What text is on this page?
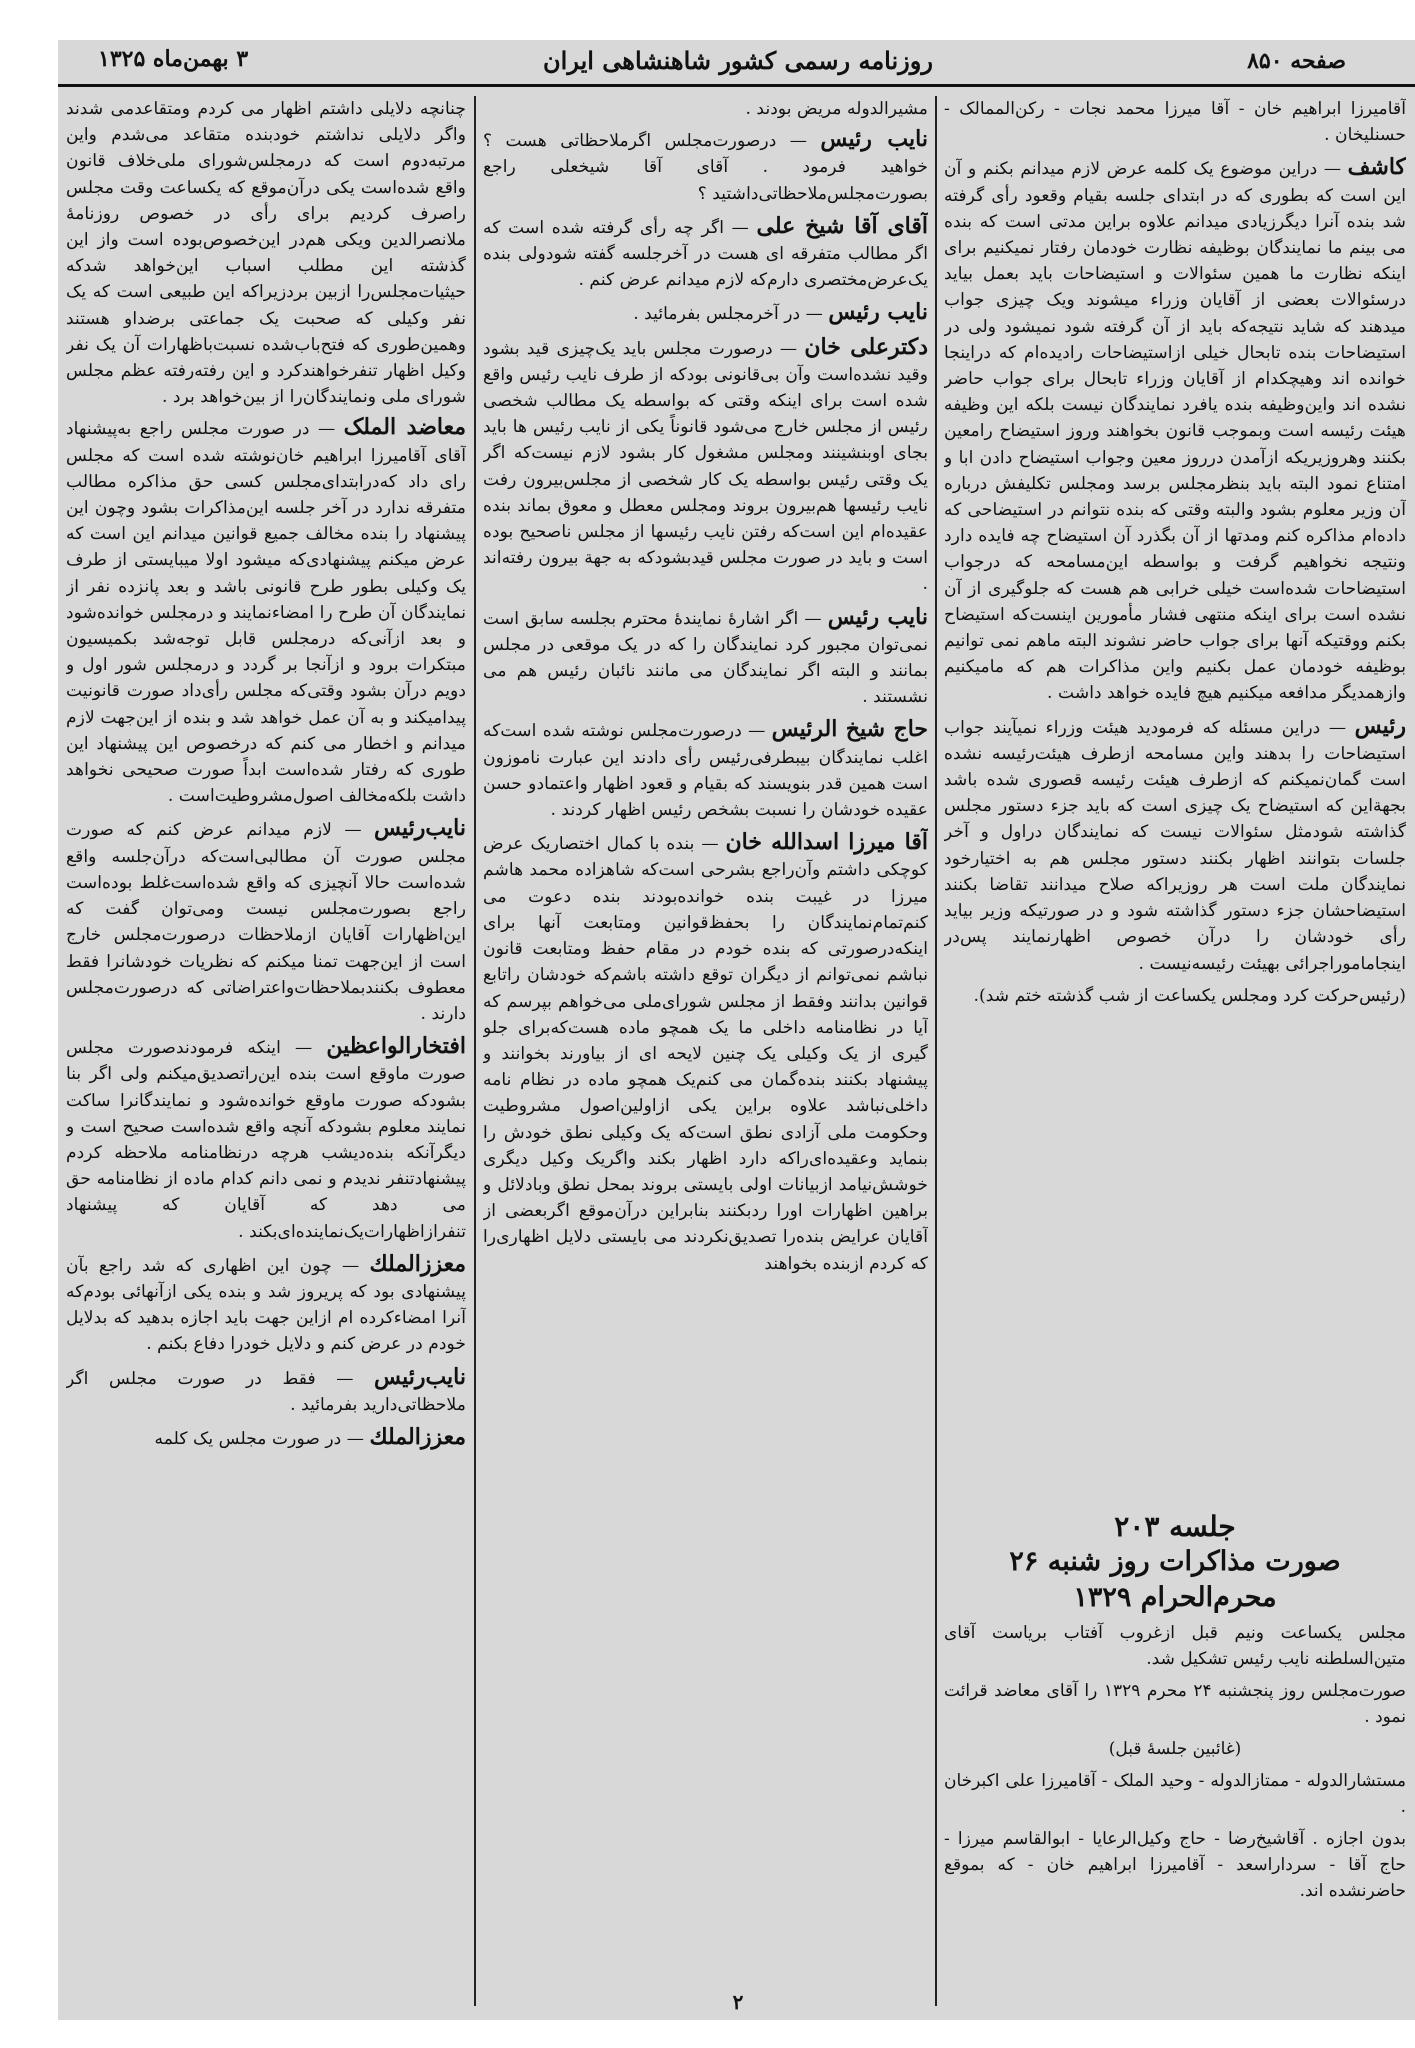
صفحه ۸۵۰
روزنامه رسمی کشور شاهنشاهی ایران
۳ بهمن‌ماه ۱۳۲۵

آقامیرزا ابراهیم خان - آقا میرزا محمد نجات - رکن‌الممالک - حسنلیخان .

کاشف — دراین موضوع یک کلمه عرض لازم میدانم بکنم و آن این است که بطوری که در ابتدای جلسه بقیام وقعود رأی گرفته شد بنده آنرا دیگرزیادی میدانم علاوه براین مدتی است که بنده می بینم ما نمایندگان بوظیفه نظارت خودمان رفتار نمیکنیم برای اینکه نظارت ما همین سئوالات و استیضاحات باید بعمل بیاید درسئوالات بعضی از آقایان وزراء میشوند ویک چیزی جواب میدهند که شاید نتیجه‌که باید از آن گرفته شود نمیشود ولی در استیضاحات بنده تابحال خیلی ازاستیضاحات رادیده‌ام که دراینجا خوانده اند وهیچکدام از آقایان وزراء تابحال برای جواب حاضر نشده اند واین‌وظیفه بنده یافرد نمایندگان نیست بلکه این وظیفه هیئت رئیسه است وبموجب قانون بخواهند وروز استیضاح رامعین بکنند وهروزیریکه ازآمدن درروز معین وجواب استیضاح دادن ابا و امتناع نمود البته باید بنظرمجلس برسد ومجلس تکلیفش درباره آن وزیر معلوم بشود والبته وقتی که بنده نتوانم در استیضاحی که داده‌ام مذاکره کنم ومدتها از آن بگذرد آن استیضاح چه فایده دارد ونتیجه نخواهیم گرفت و بواسطه این‌مسامحه که درجواب استیضاحات شده‌است خیلی خرابی هم هست که جلوگیری از آن نشده است برای اینکه منتهی فشار مأمورین اینست‌که استیضاح بکنم ووقتیکه آنها برای جواب حاضر نشوند البته ماهم نمی توانیم بوظیفه خودمان عمل بکنیم واین مذاکرات هم که مامیکنیم وازهمدیگر مدافعه میکنیم هیچ فایده خواهد داشت .

رئیس — دراین مسئله که فرمودید هیئت وزراء نمیآیند جواب استیضاحات را بدهند واین مسامحه ازطرف هیئت‌رئیسه نشده است گمان‌نمیکنم که ازطرف هیئت رئیسه قصوری شده باشد بجهةاین که استیضاح یک چیزی است که باید جزء دستور مجلس گذاشته شود‌مثل سئوالات نیست که نمایندگان دراول و آخر جلسات بتوانند اظهار بکنند دستور مجلس هم به اختیارخود نمایندگان ملت است هر روزیراکه صلاح میدانند تقاضا بکنند استیضاحشان جزء دستور گذاشته شود و در صورتیکه وزیر بیاید رأی خودشان را درآن خصوص اظهارنمایند پس‌در اینجاماموراجرائی بهیئت رئیسه‌نیست .

(رئیس‌حرکت کرد ومجلس یکساعت از شب گذشته ختم شد).

جلسه ۲۰۳
صورت مذاکرات روز شنبه ۲۶ محرم‌الحرام ۱۳۲۹

مجلس یکساعت ونیم قبل ازغروب آفتاب بریاست آقای متین‌السلطنه نایب رئیس تشکیل شد.

صورت‌مجلس روز پنجشنبه ۲۴ محرم ۱۳۲۹ را آقای معاضد قرائت نمود .

(غائبین جلسهٔ قبل)

مستشارالدوله - ممتازالدوله - وحید الملک - آقامیرزا علی اکبرخان .

بدون اجازه . آقاشیخ‌رضا - حاج وکیل‌الرعایا - ابوالقاسم میرزا - حاج آقا - سرداراسعد - آقامیرزا ابراهیم خان - که بموقع حاضرنشده اند.

مشیرالدوله مریض بودند .

نایب رئیس — درصورت‌مجلس اگرملاحظاتی هست ؟ خواهید فرمود . آقای آقا شیخعلی راجع بصورت‌مجلس‌ملاحظاتی‌داشتید ؟

آقای آقا شیخ علی — اگر چه رأی گرفته شده است که اگر مطالب متفرقه ای هست در آخرجلسه گفته شودولی بنده یک‌عرض‌مختصری دارم‌که لازم میدانم عرض کنم .

نایب رئیس — در آخرمجلس بفرمائید .

دکترعلی خان — درصورت مجلس باید یک‌چیزی قید بشود وقید نشده‌است وآن بی‌قانونی بودکه از طرف نایب رئیس واقع شده است برای اینکه وقتی که بواسطه یک مطالب شخصی رئیس از مجلس خارج می‌شود قانوناً یکی از نایب رئیس ها باید بجای اوبنشینند ومجلس مشغول کار بشود لازم نیست‌که اگر یک وقتی رئیس بواسطه یک کار شخصی از مجلس‌بیرون رفت نایب رئیسها هم‌بیرون بروند ومجلس معطل و معوق بماند بنده عقیده‌ام این است‌که رفتن نایب رئیسها از مجلس ناصحیح بوده است و باید در صورت مجلس قیدبشودکه به جهة بیرون رفته‌اند .

نایب رئیس — اگر اشارهٔ نمایندهٔ محترم بجلسه سابق است نمی‌توان مجبور کرد نمایندگان را که در یک موقعی در مجلس بمانند و البته اگر نمایندگان می مانند نائبان رئیس هم می نشستند .

حاج شیخ الرئیس — درصورت‌مجلس نوشته شده است‌که اغلب نمایندگان بیبطرفی‌رئیس رأی دادند این عبارت ناموزون است همین قدر بنویسند که بقیام و قعود اظهار واعتمادو حسن عقیده خودشان را نسبت بشخص رئیس اظهار کردند .

آقا میرزا اسدالله خان — بنده با کمال اختصاریک عرض کوچکی داشتم وآن‌راجع بشرحی است‌که شاهزاده محمد هاشم میرزا در غیبت بنده خوانده‌بودند بنده دعوت می کنم‌تمام‌نمایندگان را بحفظ‌قوانین ومتابعت آنها برای اینکه‌درصورتی که بنده خودم در مقام حفظ ومتابعت قانون نباشم نمی‌توانم از دیگران توقع داشته باشم‌که خودشان راتابع قوانین بدانند وفقط از مجلس شورای‌ملی می‌خواهم بپرسم که آیا در نظامنامه داخلی ما یک همچو ماده هست‌که‌برای جلو گیری از یک وکیلی یک چنین لایحه ای از بیاورند بخوانند و پیشنهاد بکنند بنده‌گمان می کنم‌یک همچو ماده در نظام نامه داخلی‌نباشد علاوه براین یکی ازاولین‌اصول مشروطیت وحکومت ملی آزادی نطق است‌که یک وکیلی نطق خودش را بنماید وعقیده‌ای‌راکه دارد اظهار بکند واگریک وکیل دیگری خوشش‌نیامد ازبیانات اولی بایستی بروند بمحل نطق وبادلائل و براهین اظهارات اورا ردبکنند بنابراین درآن‌موقع اگربعضی از آقایان عرایض بنده‌را تصدیق‌نکردند می بایستی دلایل اظهاری‌را که کردم ازبنده بخواهند

چنانچه دلایلی داشتم اظهار می کردم ومتقاعدمی شدند واگر دلایلی نداشتم خودبنده متقاعد می‌شدم واین مرتبه‌دوم است که درمجلس‌شورای ملی‌خلاف قانون واقع شده‌است یکی درآن‌موقع که یکساعت وقت مجلس راصرف کردیم برای رأی در خصوص روزنامهٔ ملانصرالدین ویکی هم‌در این‌خصوص‌بوده است واز این گذشته این مطلب اسباب این‌خواهد شدکه حیثیات‌مجلس‌را ازبین بردزیراکه این طبیعی است که یک نفر وکیلی که صحبت یک جماعتی برضداو هستند وهمین‌طوری که فتح‌باب‌شده نسبت‌باظهارات آن یک نفر وکیل اظهار تنفرخواهندکرد و این رفته‌رفته عظم مجلس شورای ملی ونمایندگان‌را از بین‌خواهد برد .

معاضد الملک — در صورت مجلس راجع به‌پیشنهاد آقای آقامیرزا ابراهیم خان‌نوشته شده است که مجلس رای داد که‌درابتدای‌مجلس کسی حق مذاکره مطالب متفرقه ندارد در آخر جلسه این‌مذاکرات بشود وچون این پیشنهاد را بنده مخالف جمیع قوانین میدانم این است که عرض میکنم پیشنهادی‌که میشود اولا میبایستی از طرف یک وکیلی بطور طرح قانونی باشد و بعد پانزده نفر از نمایندگان آن طرح را امضاءنمایند و درمجلس خوانده‌شود و بعد ازآنی‌که درمجلس قابل توجه‌شد بکمیسیون مبتکرات برود و ازآنجا بر گردد و درمجلس شور اول و دویم درآن بشود وقتی‌که مجلس رأی‌داد صورت قانونیت پیدامیکند و به آن عمل خواهد شد و بنده از این‌جهت لازم میدانم و اخطار می کنم که درخصوص این پیشنهاد این طوری که رفتار شده‌است ابداً صورت صحیحی نخواهد داشت بلکه‌مخالف اصول‌مشروطیت‌است .

نایب‌رئیس — لازم میدانم عرض کنم که صورت مجلس صورت آن مطالبی‌است‌که درآن‌جلسه واقع شده‌است حالا آنچیزی که واقع شده‌است‌غلط بوده‌است راجع بصورت‌مجلس نیست ومی‌توان گفت که این‌اظهارات آقایان ازملاحظات درصورت‌مجلس خارج است از این‌جهت تمنا میکنم که نظریات خودشانرا فقط معطوف بکنند‌بملاحظات‌واعتراضاتی که درصورت‌مجلس دارند .

افتخارالواعظین — اینکه فرمودندصورت مجلس صورت ماوقع است بنده این‌راتصدیق‌میکنم ولی اگر بنا بشودکه صورت ماوقع خوانده‌شود و نمایندگانرا ساکت نمایند معلوم بشودکه آنچه واقع شده‌است صحیح است و دیگرآنکه بنده‌دیشب هرچه درنظامنامه ملاحظه کردم پیشنهادتنفر ندیدم و نمی دانم کدام ماده از نظامنامه حق می دهد که آقایان که پیشنهاد تنفرازاظهارات‌یک‌نماینده‌ای‌بکند .

معززالملك — چون این اظهاری که شد راجع بآن پیشنهادی بود که پریروز شد و بنده یکی ازآنهائی بودم‌که آنرا امضاءکرده ام ازاین جهت باید اجازه بدهید که بدلایل خودم در عرض کنم و دلایل خودرا دفاع بکنم .

نایب‌رئیس — فقط در صورت مجلس اگر ملاحظاتی‌دارید بفرمائید .

معززالملك — در صورت مجلس یک کلمه

۲
